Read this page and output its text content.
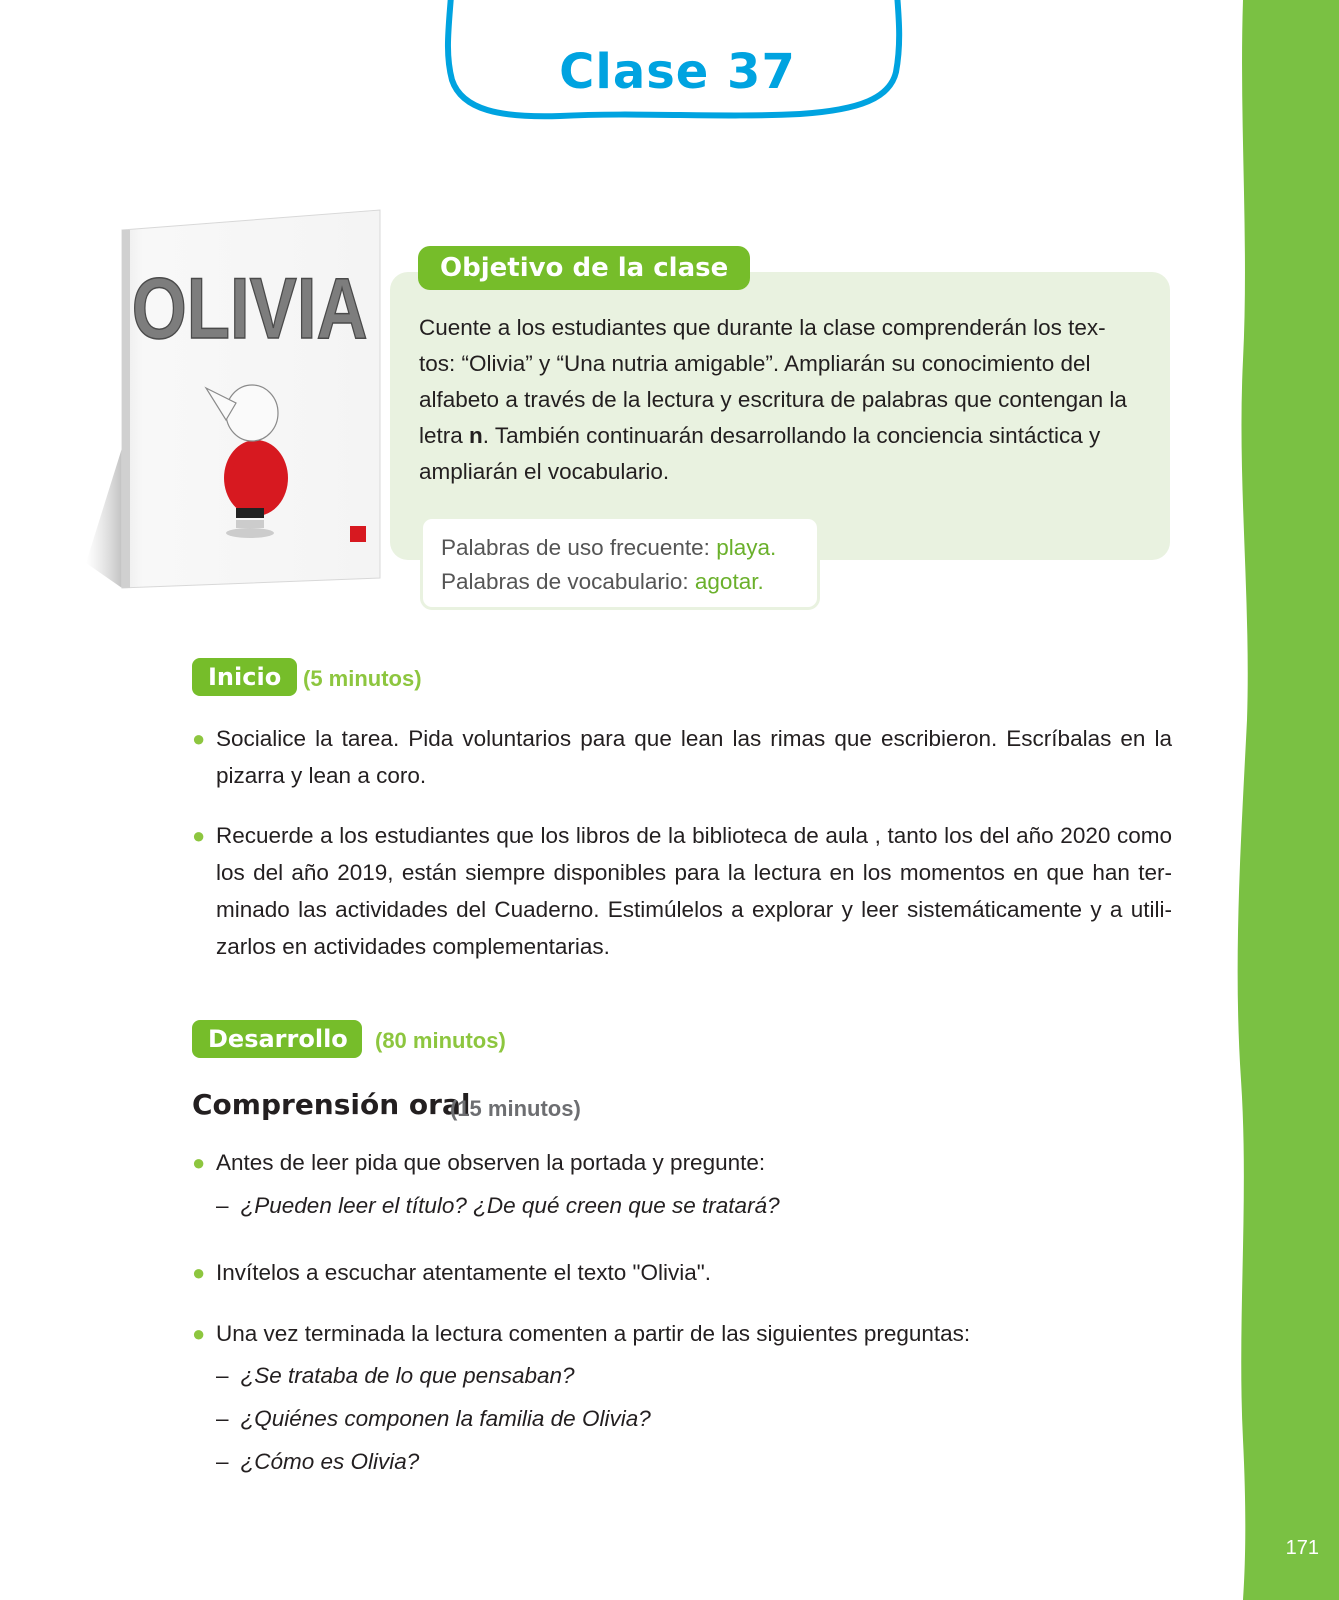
171
Clase 37
OLIVIA	Objetivo de la clase

Cuente a los estudiantes que durante la clase comprenderán los tex-tos: “Olivia” y “Una nutria amigable”. Ampliarán su conocimiento del alfabeto a través de la lectura y escritura de palabras que contengan la letra n. También continuarán desarrollando la conciencia sintáctica y ampliarán el vocabulario.

Palabras de uso frecuente: playa.
Palabras de vocabulario: agotar.
Inicio (5 minutos)
● Socialice la tarea. Pida voluntarios para que lean las rimas que escribieron. Escríbalas en la pizarra y lean a coro.

● Recuerde a los estudiantes que los libros de la biblioteca de aula , tanto los del año 2020 como los del año 2019, están siempre disponibles para la lectura en los momentos en que han ter-minado las actividades del Cuaderno. Estimúlelos a explorar y leer sistemáticamente y a utili-zarlos en actividades complementarias.

Desarrollo	(80 minutos)
Comprensión oral
(15 minutos)
● Antes de leer pida que observen la portada y pregunte:

– ¿Pueden leer el título? ¿De qué creen que se tratará?
● Invítelos a escuchar atentamente el texto "Olivia".

● Una vez terminada la lectura comenten a partir de las siguientes preguntas:

– ¿Se trataba de lo que pensaban?
– ¿Quiénes componen la familia de Olivia?
– ¿Cómo es Olivia?
